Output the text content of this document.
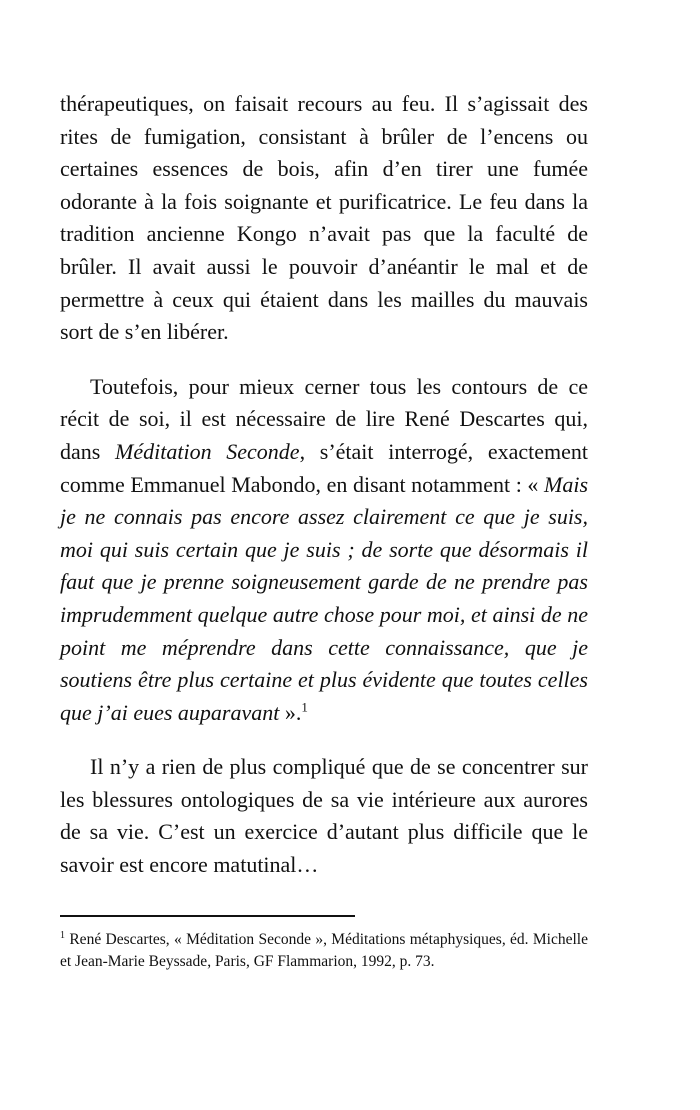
thérapeutiques, on faisait recours au feu. Il s’agissait des rites de fumigation, consistant à brûler de l’encens ou certaines essences de bois, afin d’en tirer une fumée odorante à la fois soignante et purificatrice. Le feu dans la tradition ancienne Kongo n’avait pas que la faculté de brûler. Il avait aussi le pouvoir d’anéantir le mal et de permettre à ceux qui étaient dans les mailles du mauvais sort de s’en libérer.

Toutefois, pour mieux cerner tous les contours de ce récit de soi, il est nécessaire de lire René Descartes qui, dans Méditation Seconde, s’était interrogé, exactement comme Emmanuel Mabondo, en disant notamment : « Mais je ne connais pas encore assez clairement ce que je suis, moi qui suis certain que je suis ; de sorte que désormais il faut que je prenne soigneusement garde de ne prendre pas imprudemment quelque autre chose pour moi, et ainsi de ne point me méprendre dans cette connaissance, que je soutiens être plus certaine et plus évidente que toutes celles que j’ai eues auparavant ».$^1$

Il n’y a rien de plus compliqué que de se concentrer sur les blessures ontologiques de sa vie intérieure aux aurores de sa vie. C’est un exercice d’autant plus difficile que le savoir est encore matutinal…

$^1$ René Descartes, « Méditation Seconde », Méditations métaphysiques, éd. Michelle et Jean-Marie Beyssade, Paris, GF Flammarion, 1992, p. 73.
